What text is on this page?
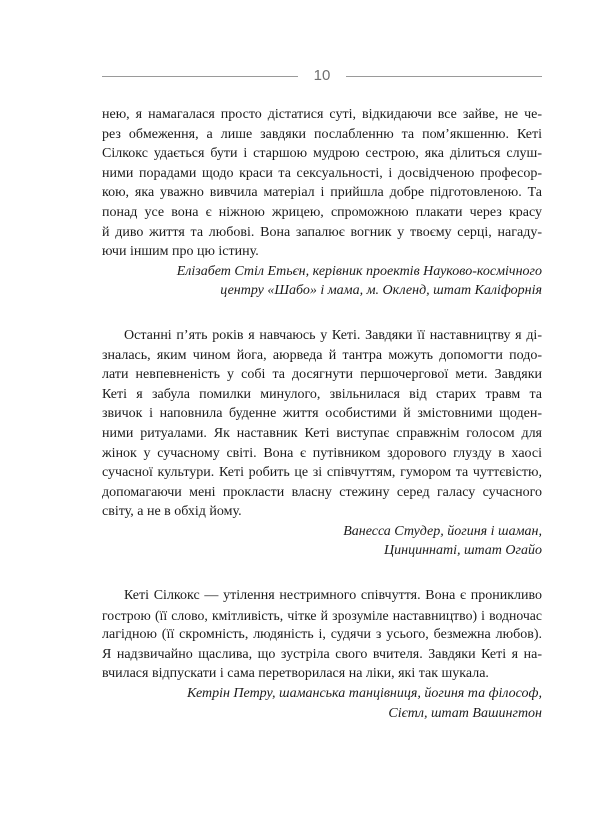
10

нею, я намагалася просто дістатися суті, відкидаючи все зайве, не че-
рез обмеження, а лише завдяки послабленню та пом’якшенню. Кеті
Сілкокс удається бути і старшою мудрою сестрою, яка ділиться слуш-
ними порадами щодо краси та сексуальності, і досвідченою професор-
кою, яка уважно вивчила матеріал і прийшла добре підготовленою. Та
понад усе вона є ніжною жрицею, спроможною плакати через красу
й диво життя та любові. Вона запалює вогник у твоєму серці, нагаду-
ючи іншим про цю істину.

Елізабет Стіл Етьєн, керівник проектів Науково-космічного
центру «Шабо» і мама, м. Окленд, штат Каліфорнія

Останні п’ять років я навчаюсь у Кеті. Завдяки її наставництву я ді-
зналась, яким чином йога, аюрведа й тантра можуть допомогти подо-
лати невпевненість у собі та досягнути першочергової мети. Завдяки
Кеті я забула помилки минулого, звільнилася від старих травм та
звичок і наповнила буденне життя особистими й змістовними щоден-
ними ритуалами. Як наставник Кеті виступає справжнім голосом для
жінок у сучасному світі. Вона є путівником здорового глузду в хаосі
сучасної культури. Кеті робить це зі співчуттям, гумором та чуттєвістю,
допомагаючи мені прокласти власну стежину серед галасу сучасного
світу, а не в обхід йому.

Ванесса Студер, йогиня і шаман,
Цинциннаті, штат Огайо

Кеті Сілкокс — утілення нестримного співчуття. Вона є проникливо
гострою (її слово, кмітливість, чітке й зрозуміле наставництво) і водночас
лагідною (її скромність, людяність і, судячи з усього, безмежна любов).
Я надзвичайно щаслива, що зустріла свого вчителя. Завдяки Кеті я на-
вчилася відпускати і сама перетворилася на ліки, які так шукала.

Кетрін Петру, шаманська танцівниця, йогиня та філософ,
Сієтл, штат Вашингтон
